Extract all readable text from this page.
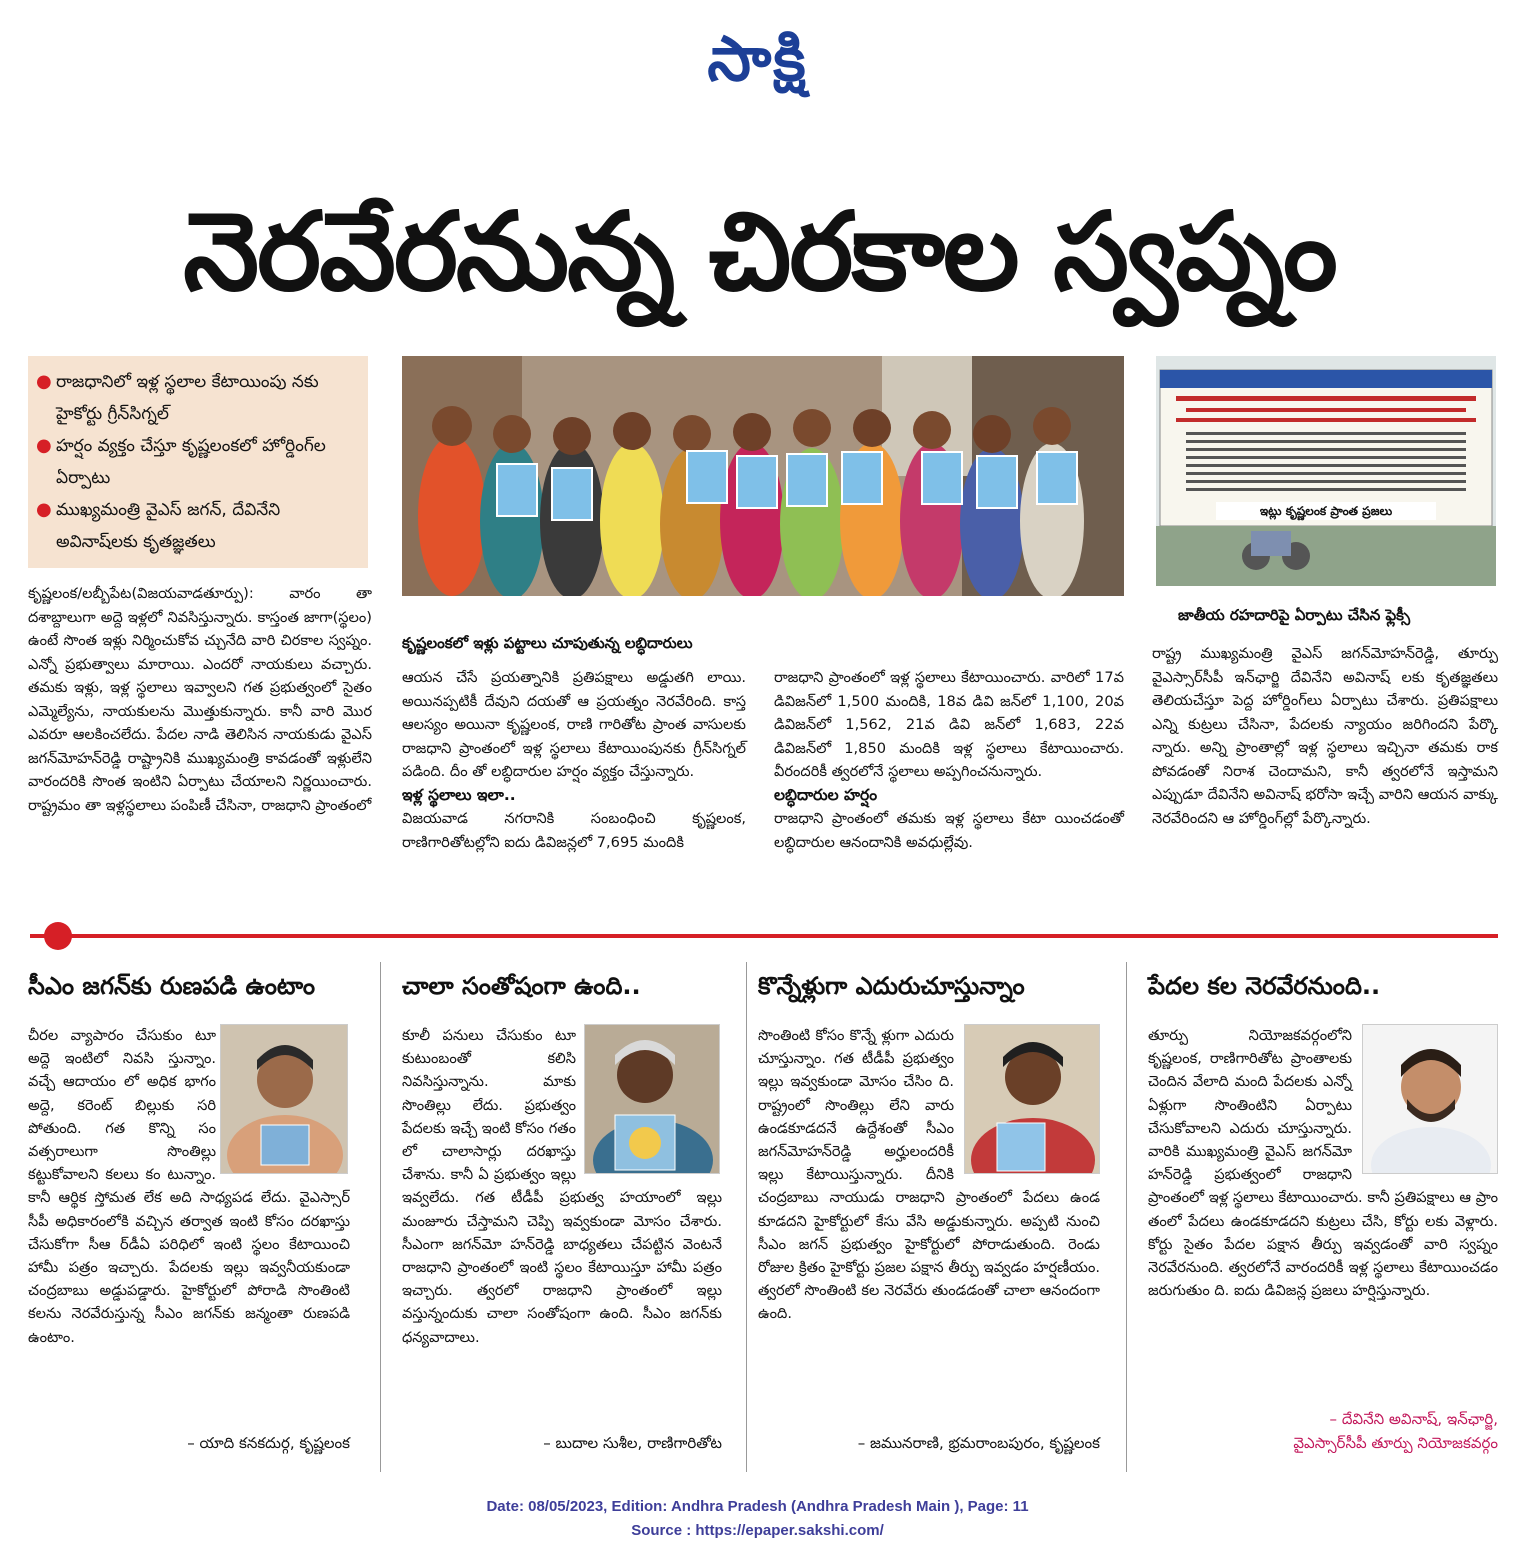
సాక్షి
నెరవేరనున్న చిరకాల స్వప్నం
● రాజధానిలో ఇళ్ల స్థలాల కేటాయింపు నకు హైకోర్టు గ్రీన్‌సిగ్నల్
● హర్షం వ్యక్తం చేస్తూ కృష్ణలంకలో హోర్డింగ్‌ల ఏర్పాటు
● ముఖ్యమంత్రి వైఎస్‌ జగన్, దేవినేని అవినాష్‌లకు కృతజ్ఞతలు
కృష్ణలంకలో ఇళ్లు పట్టాలు చూపుతున్న లబ్ధిదారులు
ఇట్లు కృష్ణలంక ప్రాంత ప్రజలు
జాతీయ రహదారిపై ఏర్పాటు చేసిన ఫ్లెక్సీ

కృష్ణలంక/లబ్బీపేట(విజయవాడతూర్పు): వారం తా దశాబ్దాలుగా అద్దె ఇళ్లలో నివసిస్తున్నారు. కాస్తంత జాగా(స్థలం) ఉంటే సొంత ఇళ్లు నిర్మించుకోవ చ్చునేది వారి చిరకాల స్వప్నం. ఎన్నో ప్రభుత్వాలు మారాయి. ఎందరో నాయకులు వచ్చారు. తమకు ఇళ్లు, ఇళ్ల స్థలాలు ఇవ్వాలని గత ప్రభుత్వంలో సైతం ఎమ్మెల్యేను, నాయకులను మొత్తుకున్నారు. కానీ వారి మొర ఎవరూ ఆలకించలేదు. పేదల నాడి తెలిసిన నాయకుడు వైఎస్‌ జగన్‌మోహన్‌రెడ్డి రాష్ట్రానికి ముఖ్యమంత్రి కావడంతో ఇళ్లులేని వారందరికి సొంత ఇంటిని ఏర్పాటు చేయాలని నిర్ణయించారు. రాష్ట్రమం తా ఇళ్లస్థలాలు పంపిణీ చేసినా, రాజధాని ప్రాంతంలో

ఆయన చేసే ప్రయత్నానికి ప్రతిపక్షాలు అడ్డుతగి లాయి. అయినప్పటికీ దేవుని దయతో ఆ ప్రయత్నం నెరవేరింది. కాస్త ఆలస్యం అయినా కృష్ణలంక, రాణి గారితోట ప్రాంత వాసులకు రాజధాని ప్రాంతంలో ఇళ్ల స్థలాలు కేటాయింపునకు గ్రీన్‌సిగ్నల్‌ పడింది. దీం తో లబ్ధిదారుల హర్షం వ్యక్తం చేస్తున్నారు.

ఇళ్ల స్థలాలు ఇలా..

విజయవాడ నగరానికి సంబంధించి కృష్ణలంక, రాణిగారితోటల్లోని ఐదు డివిజన్లలో 7,695 మందికి

రాజధాని ప్రాంతంలో ఇళ్ల స్థలాలు కేటాయించారు. వారిలో 17వ డివిజన్‌లో 1,500 మందికి, 18వ డివి జన్‌లో 1,100, 20వ డివిజన్‌లో 1,562, 21వ డివి జన్‌లో 1,683, 22వ డివిజన్‌లో 1,850 మందికి ఇళ్ల స్థలాలు కేటాయించారు. వీరందరికీ త్వరలోనే స్థలాలు అప్పగించనున్నారు.

లబ్ధిదారుల హర్షం

రాజధాని ప్రాంతంలో తమకు ఇళ్ల స్థలాలు కేటా యించడంతో లబ్ధిదారుల ఆనందానికి అవధుల్లేవు.

రాష్ట్ర ముఖ్యమంత్రి వైఎస్‌ జగన్‌మోహన్‌రెడ్డి, తూర్పు వైఎస్సార్‌సీపీ ఇన్‌ఛార్జి దేవినేని అవినాష్‌ లకు కృతజ్ఞతలు తెలియచేస్తూ పెద్ద హోర్డింగ్‌లు ఏర్పాటు చేశారు. ప్రతిపక్షాలు ఎన్ని కుట్రలు చేసినా, పేదలకు న్యాయం జరిగిందని పేర్కొ న్నారు. అన్ని ప్రాంతాల్లో ఇళ్ల స్థలాలు ఇచ్చినా తమకు రాక పోవడంతో నిరాశ చెందామని, కానీ త్వరలోనే ఇస్తామని ఎప్పుడూ దేవినేని అవినాష్‌ భరోసా ఇచ్చే వారిని ఆయన వాక్కు నెరవేరిందని ఆ హోర్డింగ్‌ల్లో పేర్కొన్నారు.

సీఎం జగన్‌కు రుణపడి ఉంటాం
చీరల వ్యాపారం చేసుకుం టూ అద్దె ఇంటిలో నివసి స్తున్నాం. వచ్చే ఆదాయం లో అధిక భాగం అద్దె, కరెంట్‌ బిల్లుకు సరి పోతుంది. గత కొన్ని సం వత్సరాలుగా సొంతిల్లు కట్టుకోవాలని కలలు కం టున్నాం. కానీ ఆర్థిక స్తోమత లేక అది సాధ్యపడ లేదు. వైఎస్సార్‌ సీపీ అధికారంలోకి వచ్చిన తర్వాత ఇంటి కోసం దరఖాస్తు చేసుకోగా సీఆ ర్‌డీఏ పరిధిలో ఇంటి స్థలం కేటాయించి హామీ పత్రం ఇచ్చారు. పేదలకు ఇల్లు ఇవ్వనీయకుండా చంద్రబాబు అడ్డుపడ్డారు. హైకోర్టులో పోరాడి సొంతింటి కలను నెరవేరుస్తున్న సీఎం జగన్‌కు జన్మంతా రుణపడి ఉంటాం.
– యాది కనకదుర్గ, కృష్ణలంక
చాలా సంతోషంగా ఉంది..
కూలీ పనులు చేసుకుం టూ కుటుంబంతో కలిసి నివసిస్తున్నాను. మాకు సొంతిల్లు లేదు. ప్రభుత్వం పేదలకు ఇచ్చే ఇంటి కోసం గతం లో చాలాసార్లు దరఖాస్తు చేశాను. కానీ ఏ ప్రభుత్వం ఇల్లు ఇవ్వలేదు. గత టీడీపీ ప్రభుత్వ హయాంలో ఇల్లు మంజూరు చేస్తామని చెప్పి ఇవ్వకుండా మోసం చేశారు. సీఎంగా జగన్‌మో హన్‌రెడ్డి బాధ్యతలు చేపట్టిన వెంటనే రాజధాని ప్రాంతంలో ఇంటి స్థలం కేటాయిస్తూ హామీ పత్రం ఇచ్చారు. త్వరలో రాజధాని ప్రాంతంలో ఇల్లు వస్తున్నందుకు చాలా సంతోషంగా ఉంది. సీఎం జగన్‌కు ధన్యవాదాలు.
– బుదాల సుశీల, రాణిగారితోట
కొన్నేళ్లుగా ఎదురుచూస్తున్నాం
సొంతింటి కోసం కొన్నే ళ్లుగా ఎదురు చూస్తున్నాం. గత టీడీపీ ప్రభుత్వం ఇల్లు ఇవ్వకుండా మోసం చేసిం ది. రాష్ట్రంలో సొంతిల్లు లేని వారు ఉండకూడదనే ఉద్దేశంతో సీఎం జగన్‌మోహన్‌రెడ్డి అర్హులందరికీ ఇల్లు కేటాయిస్తున్నారు. దీనికి చంద్రబాబు నాయుడు రాజధాని ప్రాంతంలో పేదలు ఉండ కూడదని హైకోర్టులో కేసు వేసి అడ్డుకున్నారు. అప్పటి నుంచి సీఎం జగన్‌ ప్రభుత్వం హైకోర్టులో పోరాడుతుంది. రెండు రోజుల క్రితం హైకోర్టు ప్రజల పక్షాన తీర్పు ఇవ్వడం హర్షణీయం. త్వరలో సొంతింటి కల నెరవేరు తుండడంతో చాలా ఆనందంగా ఉంది.
– జమునరాణి, భ్రమరాంబపురం, కృష్ణలంక
పేదల కల నెరవేరనుంది..
తూర్పు నియోజకవర్గంలోని కృష్ణలంక, రాణిగారితోట ప్రాంతాలకు చెందిన వేలాది మంది పేదలకు ఎన్నో ఏళ్లుగా సొంతింటిని ఏర్పాటు చేసుకోవాలని ఎదురు చూస్తున్నారు. వారికి ముఖ్యమంత్రి వైఎస్‌ జగన్‌మో హన్‌రెడ్డి ప్రభుత్వంలో రాజధాని ప్రాంతంలో ఇళ్ల స్థలాలు కేటాయించారు. కానీ ప్రతిపక్షాలు ఆ ప్రాం తంలో పేదలు ఉండకూడదని కుట్రలు చేసి, కోర్టు లకు వెళ్లారు. కోర్టు సైతం పేదల పక్షాన తీర్పు ఇవ్వడంతో వారి స్వప్నం నెరవేరనుంది. త్వరలోనే వారందరికీ ఇళ్ల స్థలాలు కేటాయించడం జరుగుతుం ది. ఐదు డివిజన్ల ప్రజలు హర్షిస్తున్నారు.
– దేవినేని అవినాష్, ఇన్‌ఛార్జి,
వైఎస్సార్‌సీపీ తూర్పు నియోజకవర్గం
Date: 08/05/2023, Edition: Andhra Pradesh (Andhra Pradesh Main ), Page: 11
Source : https://epaper.sakshi.com/
